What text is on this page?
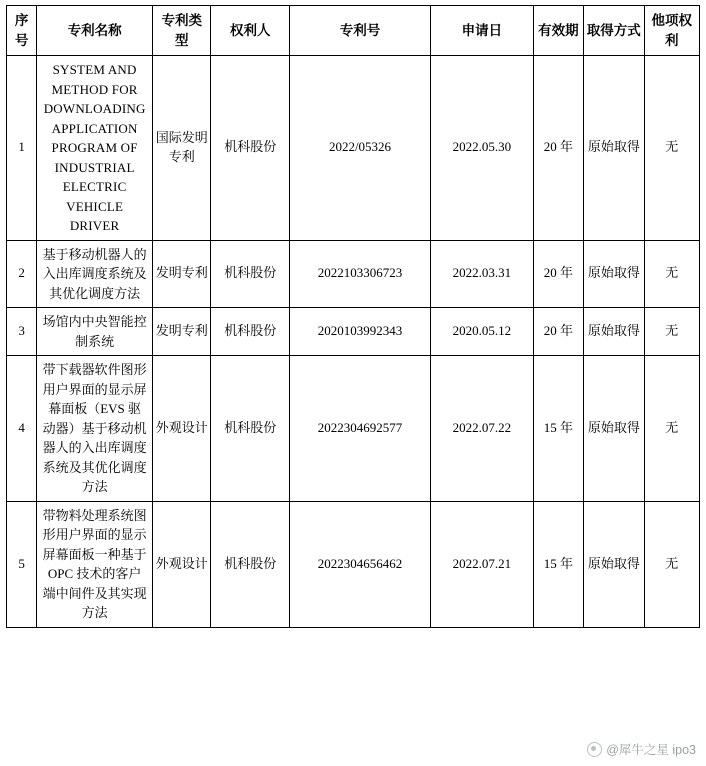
序号	专利名称	专利类型	权利人	专利号	申请日	有效期	取得方式	他项权利
1	SYSTEM AND METHOD FOR DOWNLOADING APPLICATION PROGRAM OF INDUSTRIAL ELECTRIC VEHICLE DRIVER	国际发明专利	机科股份	2022/05326	2022.05.30	20 年	原始取得	无
2	基于移动机器人的入出库调度系统及其优化调度方法	发明专利	机科股份	2022103306723	2022.03.31	20 年	原始取得	无
3	场馆内中央智能控制系统	发明专利	机科股份	2020103992343	2020.05.12	20 年	原始取得	无
4	带下载器软件图形用户界面的显示屏幕面板（EVS 驱动器）基于移动机器人的入出库调度系统及其优化调度方法	外观设计	机科股份	2022304692577	2022.07.22	15 年	原始取得	无
5	带物料处理系统图形用户界面的显示屏幕面板一种基于 OPC 技术的客户端中间件及其实现方法	外观设计	机科股份	2022304656462	2022.07.21	15 年	原始取得	无
@犀牛之星 ipo3
